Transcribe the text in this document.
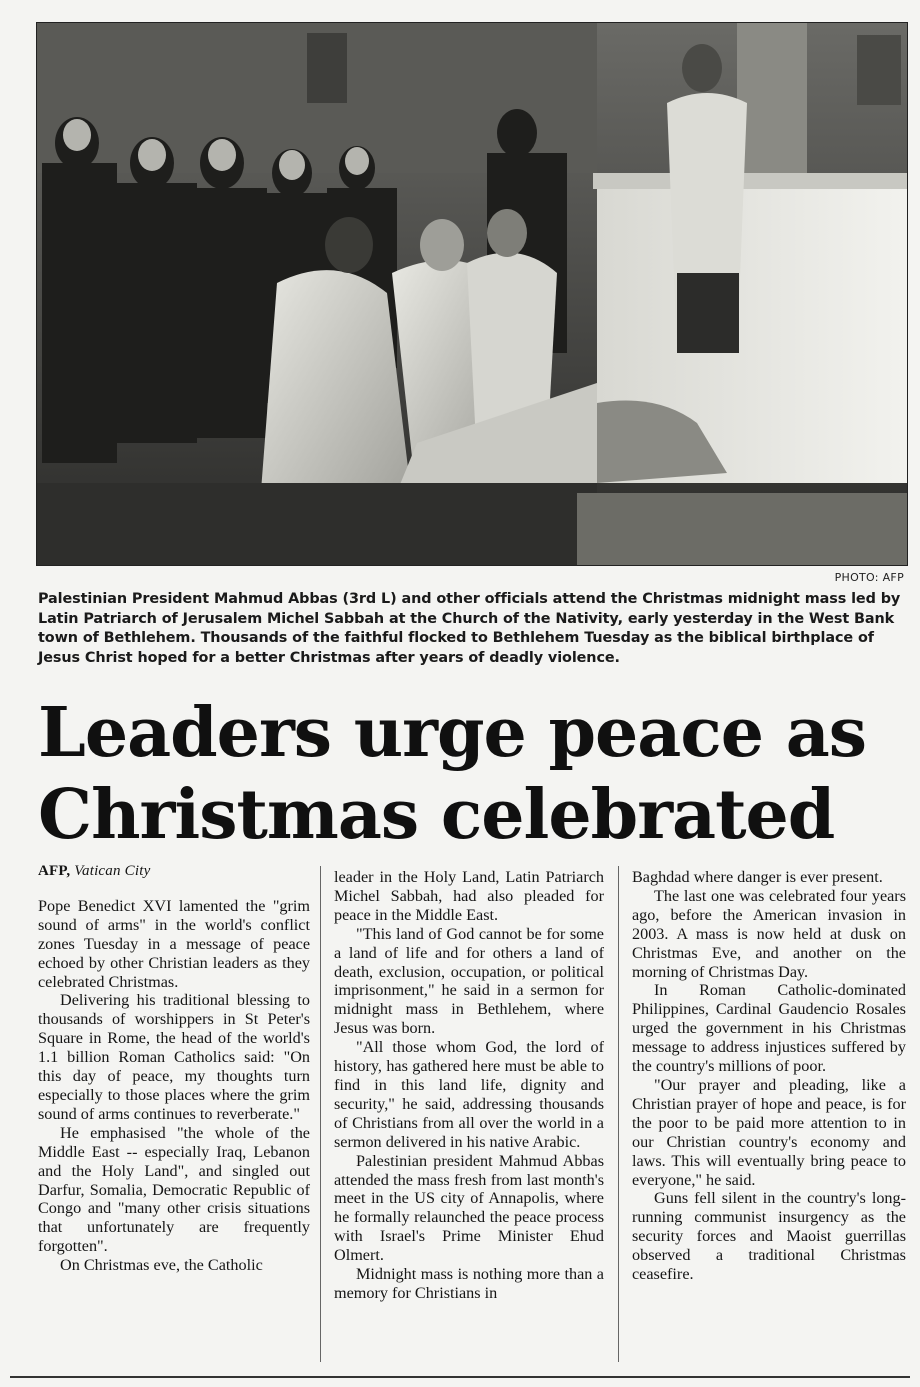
PHOTO: AFP

Palestinian President Mahmud Abbas (3rd L) and other officials attend the Christmas midnight mass led by Latin Patriarch of Jerusalem Michel Sabbah at the Church of the Nativity, early yesterday in the West Bank town of Bethlehem. Thousands of the faithful flocked to Bethlehem Tuesday as the biblical birthplace of Jesus Christ hoped for a better Christmas after years of deadly violence.

Leaders urge peace as
Christmas celebrated
AFP, Vatican City

Pope Benedict XVI lamented the "grim sound of arms" in the world's conflict zones Tuesday in a message of peace echoed by other Christian leaders as they celebrated Christmas.

Delivering his traditional blessing to thousands of worshippers in St Peter's Square in Rome, the head of the world's 1.1 billion Roman Catholics said: "On this day of peace, my thoughts turn especially to those places where the grim sound of arms continues to reverberate."

He emphasised "the whole of the Middle East -- especially Iraq, Lebanon and the Holy Land", and singled out Darfur, Somalia, Democratic Republic of Congo and "many other crisis situations that unfortunately are frequently forgotten".

On Christmas eve, the Catholic

leader in the Holy Land, Latin Patriarch Michel Sabbah, had also pleaded for peace in the Middle East.

"This land of God cannot be for some a land of life and for others a land of death, exclusion, occupation, or political imprisonment," he said in a sermon for midnight mass in Bethlehem, where Jesus was born.

"All those whom God, the lord of history, has gathered here must be able to find in this land life, dignity and security," he said, addressing thousands of Christians from all over the world in a sermon delivered in his native Arabic.

Palestinian president Mahmud Abbas attended the mass fresh from last month's meet in the US city of Annapolis, where he formally relaunched the peace process with Israel's Prime Minister Ehud Olmert.

Midnight mass is nothing more than a memory for Christians in

Baghdad where danger is ever present.

The last one was celebrated four years ago, before the American invasion in 2003. A mass is now held at dusk on Christmas Eve, and another on the morning of Christmas Day.

In Roman Catholic-dominated Philippines, Cardinal Gaudencio Rosales urged the government in his Christmas message to address injustices suffered by the country's millions of poor.

"Our prayer and pleading, like a Christian prayer of hope and peace, is for the poor to be paid more attention to in our Christian country's economy and laws. This will eventually bring peace to everyone," he said.

Guns fell silent in the country's long-running communist insurgency as the security forces and Maoist guerrillas observed a traditional Christmas ceasefire.
